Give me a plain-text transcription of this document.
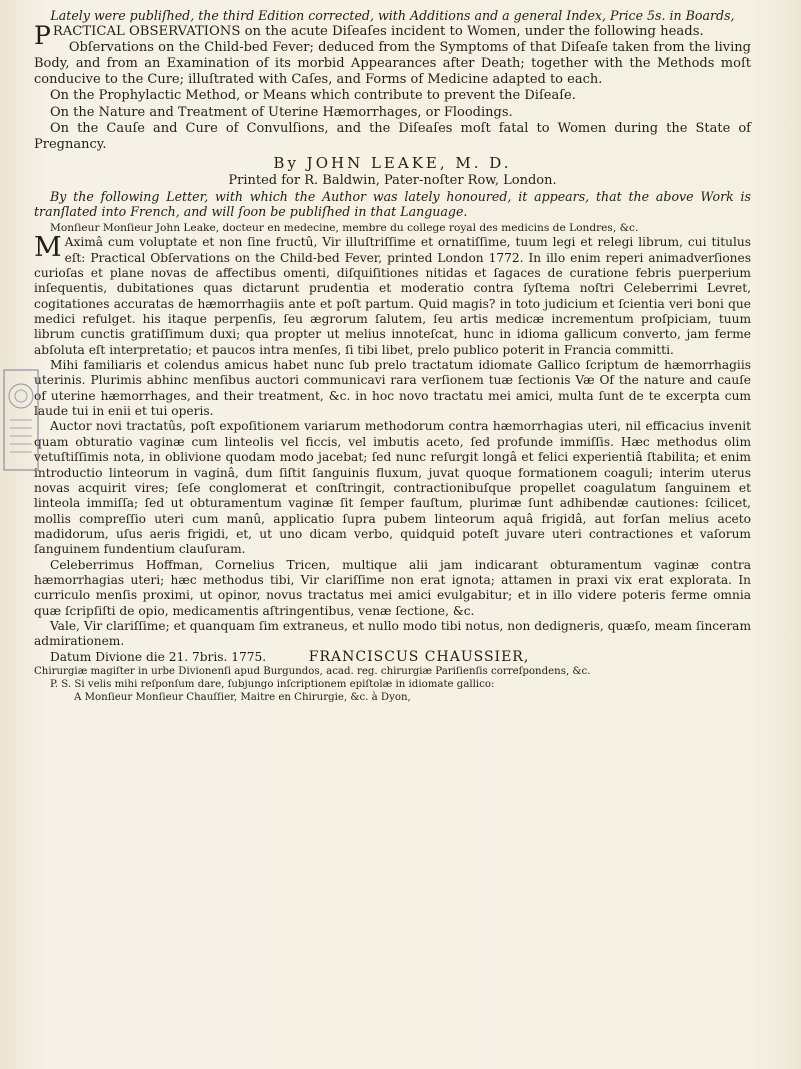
Lately were publiſhed, the third Edition corrected, with Additions and a general Index, Price 5s. in Boards,

PRACTICAL OBSERVATIONS on the acute Diſeaſes incident to Women, under the following heads.

Obſervations on the Child-bed Fever; deduced from the Symptoms of that Diſeaſe taken from the living Body, and from an Examination of its morbid Appearances after Death; together with the Methods moſt conducive to the Cure; illuſtrated with Caſes, and Forms of Medicine adapted to each.

On the Prophylactic Method, or Means which contribute to prevent the Diſeaſe.

On the Nature and Treatment of Uterine Hæmorrhages, or Floodings.

On the Cauſe and Cure of Convulſions, and the Diſeaſes moſt fatal to Women during the State of Pregnancy.

By JOHN LEAKE, M. D.

Printed for R. Baldwin, Pater-noſter Row, London.

By the following Letter, with which the Author was lately honoured, it appears, that the above Work is tranſlated into French, and will ſoon be publiſhed in that Language.

Monſieur Monſieur John Leake, docteur en medecine, membre du college royal des medicins de Londres, &c.

M Aximâ cum voluptate et non ſine fructû, Vir illuſtriſſime et ornatiſſime, tuum legi et relegi librum, cui titulus eſt: Practical Obſervations on the Child-bed Fever, printed London 1772. In illo enim reperi animadverſiones curioſas et plane novas de affectibus omenti, diſquiſitiones nitidas et ſagaces de curatione febris puerperium inſequentis, dubitationes quas dictarunt prudentia et moderatio contra ſyſtema noſtri Celeberrimi Levret, cogitationes accuratas de hæmorrhagiis ante et poſt partum. Quid magis? in toto judicium et ſcientia veri boni que medici refulget. his itaque perpenſis, ſeu ægrorum ſalutem, ſeu artis medicæ incrementum proſpiciam, tuum librum cunctis gratiſſimum duxi; qua propter ut melius innoteſcat, hunc in idioma gallicum converto, jam ferme abſoluta eſt interpretatio; et paucos intra menſes, ſi tibi libet, prelo publico poterit in Francia committi.

Mihi familiaris et colendus amicus habet nunc ſub prelo tractatum idiomate Gallico ſcriptum de hæmorrhagiis uterinis. Plurimis abhinc menſibus auctori communicavi rara verſionem tuæ ſectionis Væ Of the nature and cauſe of uterine hæmorrhages, and their treatment, &c. in hoc novo tractatu mei amici, multa ſunt de te excerpta cum laude tui in enii et tui operis.

Auctor novi tractatûs, poſt expoſitionem variarum methodorum contra hæmorrhagias uteri, nil efficacius invenit quam obturatio vaginæ cum linteolis vel ficcis, vel imbutis aceto, ſed profunde immiſſis. Hæc methodus olim vetuſtiſſimis nota, in oblivione quodam modo jacebat; ſed nunc reſurgit longâ et felici experientiâ ſtabilita; et enim introductio linteorum in vaginâ, dum ſiſtit ſanguinis fluxum, juvat quoque formationem coaguli; interim uterus novas acquirit vires; ſeſe conglomerat et conſtringit, contractionibuſque propellet coagulatum ſanguinem et linteola immiſſa; ſed ut obturamentum vaginæ ſit ſemper fauſtum, plurimæ ſunt adhibendæ cautiones: ſcilicet, mollis compreſſio uteri cum manû, applicatio ſupra pubem linteorum aquâ frigidâ, aut forſan melius aceto madidorum, uſus aeris frigidi, et, ut uno dicam verbo, quidquid poteſt juvare uteri contractiones et vaſorum ſanguinem fundentium clauſuram.

Celeberrimus Hoffman, Cornelius Tricen, multique alii jam indicarant obturamentum vaginæ contra hæmorrhagias uteri; hæc methodus tibi, Vir clariſſime non erat ignota; attamen in praxi vix erat explorata. In curriculo menſis proximi, ut opinor, novus tractatus mei amici evulgabitur; et in illo videre poteris ferme omnia quæ ſcripſiſti de opio, medicamentis aſtringentibus, venæ ſectione, &c.

Vale, Vir clariſſime; et quanquam ſim extraneus, et nullo modo tibi notus, non dedigneris, quæſo, meam ſinceram admirationem.

Datum Divione die 21. 7bris. 1775.	FRANCISCUS CHAUSSIER,

Chirurgiæ magiſter in urbe Divionenſi apud Burgundos, acad. reg. chirurgiæ Pariſienſis correſpondens, &c.

P. S. Si velis mihi reſponſum dare, ſubjungo inſcriptionem epiſtolæ in idiomate gallico:

A Monſieur Monſieur Chauſſier, Maitre en Chirurgie, &c. à Dyon,
